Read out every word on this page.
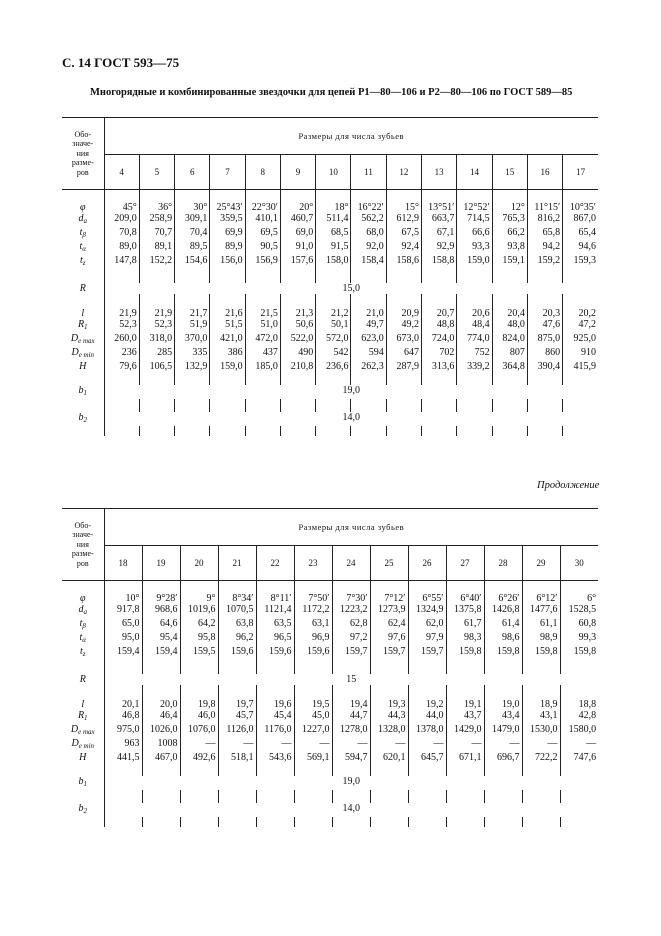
С. 14 ГОСТ 593—75
Многорядные и комбинированные звездочки для цепей Р1—80—106 и Р2—80—106 по ГОСТ 589—85
Продолжение
Обо-
значе-
ния
разме-
ров	Размеры для числа зубьев													
	4	5	6	7	8	9	10	11	12	13	14	15	16	17

φ	45°	36°	30°	25°43′	22°30′	20°	18°	16°22′	15°	13°51′	12°52′	12°	11°15′	10°35′
$d_a$	209,0	258,9	309,1	359,5	410,1	460,7	511,4	562,2	612,9	663,7	714,5	765,3	816,2	867,0
$t_\beta$	70,8	70,7	70,4	69,9	69,5	69,0	68,5	68,0	67,5	67,1	66,6	66,2	65,8	65,4
$t_\alpha$	89,0	89,1	89,5	89,9	90,5	91,0	91,5	92,0	92,4	92,9	93,3	93,8	94,2	94,6
$t_z$	147,8	152,2	154,6	156,0	156,9	157,6	158,0	158,4	158,6	158,8	159,0	159,1	159,2	159,3

R	15,0													

l	21,9	21,9	21,7	21,6	21,5	21,3	21,2	21,0	20,9	20,7	20,6	20,4	20,3	20,2
$R_1$	52,3	52,3	51,9	51,5	51,0	50,6	50,1	49,7	49,2	48,8	48,4	48,0	47,6	47,2
$D_{e max}$	260,0	318,0	370,0	421,0	472,0	522,0	572,0	623,0	673,0	724,0	774,0	824,0	875,0	925,0
$D_{e min}$	236	285	335	386	437	490	542	594	647	702	752	807	860	910
H	79,6	106,5	132,9	159,0	185,0	210,8	236,6	262,3	287,9	313,6	339,2	364,8	390,4	415,9

$b_1$	19,0													

$b_2$	14,0													

Обо-
значе-
ния
разме-
ров	Размеры для числа зубьев												
	18	19	20	21	22	23	24	25	26	27	28	29	30

φ	10°	9°28′	9°	8°34′	8°11′	7°50′	7°30′	7°12′	6°55′	6°40′	6°26′	6°12′	6°
$d_a$	917,8	968,6	1019,6	1070,5	1121,4	1172,2	1223,2	1273,9	1324,9	1375,8	1426,8	1477,6	1528,5
$t_\beta$	65,0	64,6	64,2	63,8	63,5	63,1	62,8	62,4	62,0	61,7	61,4	61,1	60,8
$t_\alpha$	95,0	95,4	95,8	96,2	96,5	96,9	97,2	97,6	97,9	98,3	98,6	98,9	99,3
$t_z$	159,4	159,4	159,5	159,6	159,6	159,6	159,7	159,7	159,7	159,8	159,8	159,8	159,8

R	15												

l	20,1	20,0	19,8	19,7	19,6	19,5	19,4	19,3	19,2	19,1	19,0	18,9	18,8
$R_1$	46,8	46,4	46,0	45,7	45,4	45,0	44,7	44,3	44,0	43,7	43,4	43,1	42,8
$D_{e max}$	975,0	1026,0	1076,0	1126,0	1176,0	1227,0	1278,0	1328,0	1378,0	1429,0	1479,0	1530,0	1580,0
$D_{e min}$	963	1008	—	—	—	—	—	—	—	—	—	—	—
H	441,5	467,0	492,6	518,1	543,6	569,1	594,7	620,1	645,7	671,1	696,7	722,2	747,6

$b_1$	19,0												

$b_2$	14,0												
